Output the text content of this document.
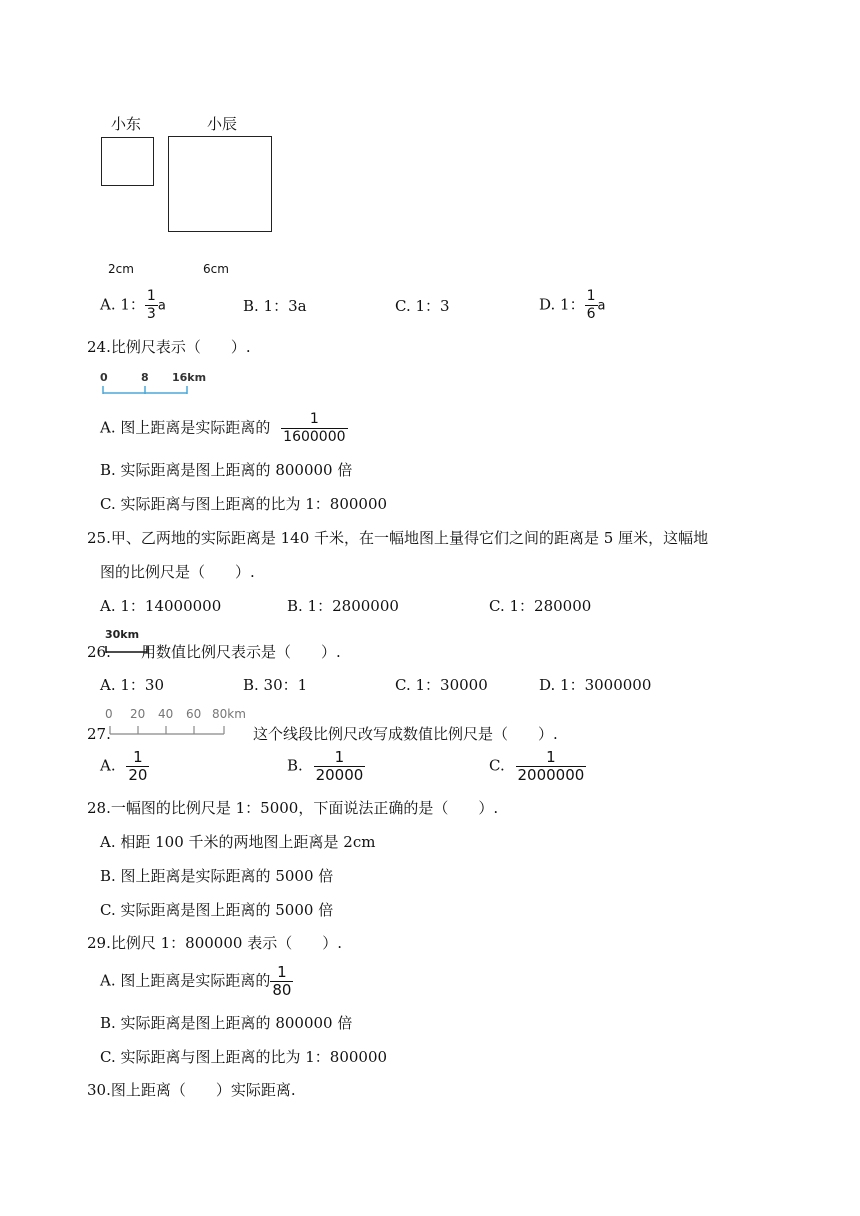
小东	小辰
2cm	6cm
A. 1： $\frac{1}{3}$ a	B. 1：3a	C. 1：3	D. 1： $\frac{1}{6}$ a
24.比例尺表示（　　）.
0	8 16km
A. 图上距离是实际距离的 $\frac{1}{1600000}$
B. 实际距离是图上距离的 800000 倍
C. 实际距离与图上距离的比为 1：800000
25.甲、乙两地的实际距离是 140 千米，在一幅地图上量得它们之间的距离是 5 厘米，这幅地
图的比例尺是（　　）.
A. 1：14000000	B. 1：2800000	C. 1：280000
26.
30km
用数值比例尺表示是（　　）.
A. 1：30	B. 30：1	C. 1：30000	D. 1：3000000
27.
0 20 40 60 80km
这个线段比例尺改写成数值比例尺是（　　）.
A. $\frac{1}{20}$	B. $\frac{1}{20000}$	C. $\frac{1}{2000000}$
28.一幅图的比例尺是 1：5000，下面说法正确的是（　　）.
A. 相距 100 千米的两地图上距离是 2cm
B. 图上距离是实际距离的 5000 倍
C. 实际距离是图上距离的 5000 倍
29.比例尺 1：800000 表示（　　）.
A. 图上距离是实际距离的 $\frac{1}{80}$
B. 实际距离是图上距离的 800000 倍
C. 实际距离与图上距离的比为 1：800000
30.图上距离（　　）实际距离.
